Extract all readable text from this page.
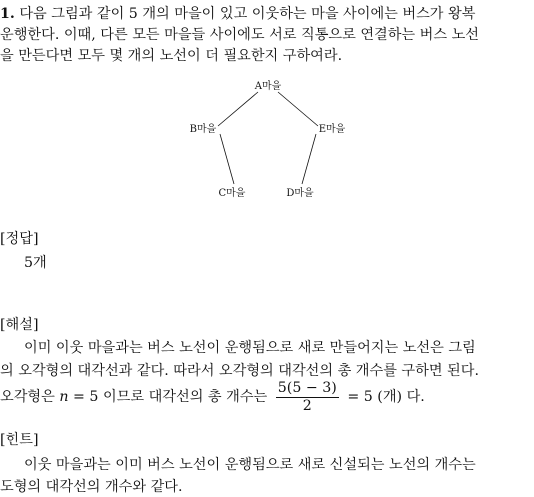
1. 다음 그림과 같이 5 개의 마을이 있고 이웃하는 마을 사이에는 버스가 왕복
운행한다. 이때, 다른 모든 마을들 사이에도 서로 직통으로 연결하는 버스 노선
을 만든다면 모두 몇 개의 노선이 더 필요한지 구하여라.
A마을
B마을	E마을
C마을	D마을
[정답]
5개
[해설]
이미 이웃 마을과는 버스 노선이 운행됨으로 새로 만들어지는 노선은 그림
의 오각형의 대각선과 같다. 따라서 오각형의 대각선의 총 개수를 구하면 된다.
오각형은 n = 5 이므로 대각선의 총 개수는 $\frac{5(5 - 3)}{2} = 5$ (개) 다.
[힌트]
이웃 마을과는 이미 버스 노선이 운행됨으로 새로 신설되는 노선의 개수는
도형의 대각선의 개수와 같다.
